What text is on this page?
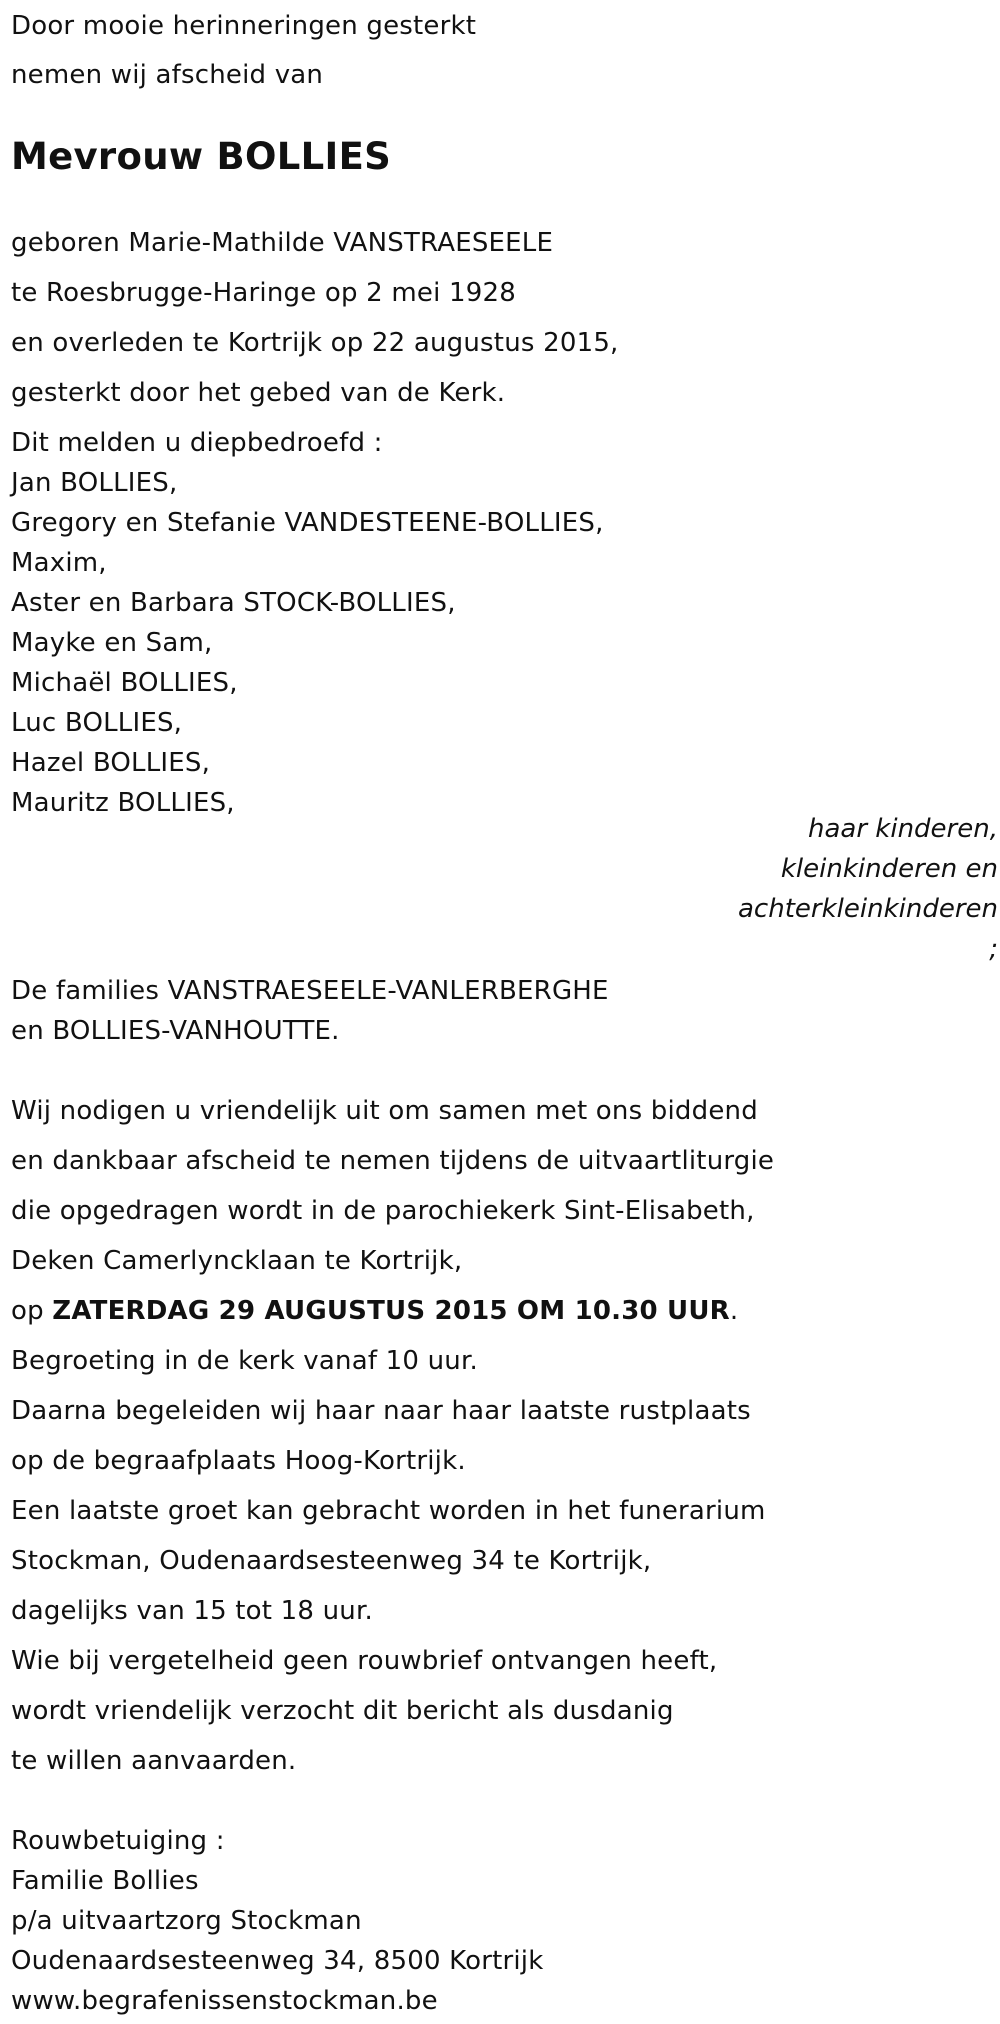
Door mooie herinneringen gesterkt
nemen wij afscheid van
Mevrouw BOLLIES
geboren Marie-Mathilde VANSTRAESEELE
te Roesbrugge-Haringe op 2 mei 1928
en overleden te Kortrijk op 22 augustus 2015,
gesterkt door het gebed van de Kerk.
Dit melden u diepbedroefd :
Jan BOLLIES,
Gregory en Stefanie VANDESTEENE-BOLLIES,
Maxim,
Aster en Barbara STOCK-BOLLIES,
Mayke en Sam,
Michaël BOLLIES,
Luc BOLLIES,
Hazel BOLLIES,
Mauritz BOLLIES,
haar kinderen,
kleinkinderen en
achterkleinkinderen
;
De families VANSTRAESEELE-VANLERBERGHE
en BOLLIES-VANHOUTTE.
Wij nodigen u vriendelijk uit om samen met ons biddend
en dankbaar afscheid te nemen tijdens de uitvaartliturgie
die opgedragen wordt in de parochiekerk Sint-Elisabeth,
Deken Camerlyncklaan te Kortrijk,
op ZATERDAG 29 AUGUSTUS 2015 OM 10.30 UUR.
Begroeting in de kerk vanaf 10 uur.
Daarna begeleiden wij haar naar haar laatste rustplaats
op de begraafplaats Hoog-Kortrijk.
Een laatste groet kan gebracht worden in het funerarium
Stockman, Oudenaardsesteenweg 34 te Kortrijk,
dagelijks van 15 tot 18 uur.
Wie bij vergetelheid geen rouwbrief ontvangen heeft,
wordt vriendelijk verzocht dit bericht als dusdanig
te willen aanvaarden.
Rouwbetuiging :
Familie Bollies
p/a uitvaartzorg Stockman
Oudenaardsesteenweg 34, 8500 Kortrijk
www.begrafenissenstockman.be
